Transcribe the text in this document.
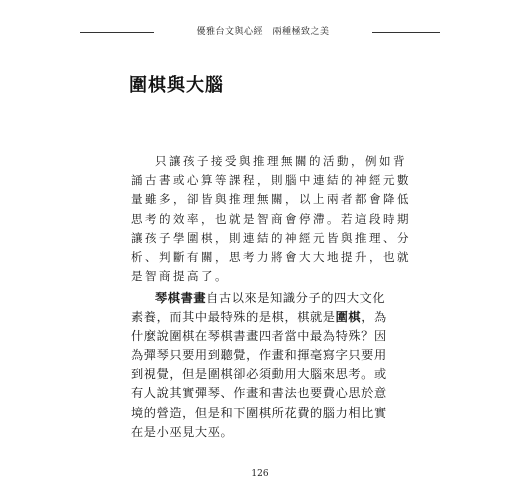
優雅台文與心經　兩種極致之美
圍棋與大腦
只讓孩子接受與推理無關的活動，例如背
誦古書或心算等課程，則腦中連結的神經元數
量雖多，卻皆與推理無關，以上兩者都會降低
思考的效率，也就是智商會停滯。若這段時期
讓孩子學圍棋，則連結的神經元皆與推理、分
析、判斷有關，思考力將會大大地提升，也就
是智商提高了。
琴棋書畫自古以來是知識分子的四大文化
素養，而其中最特殊的是棋，棋就是圍棋，為
什麼說圍棋在琴棋書畫四者當中最為特殊？因
為彈琴只要用到聽覺，作畫和揮毫寫字只要用
到視覺，但是圍棋卻必須動用大腦來思考。或
有人說其實彈琴、作畫和書法也要費心思於意
境的營造，但是和下圍棋所花費的腦力相比實
在是小巫見大巫。
126
